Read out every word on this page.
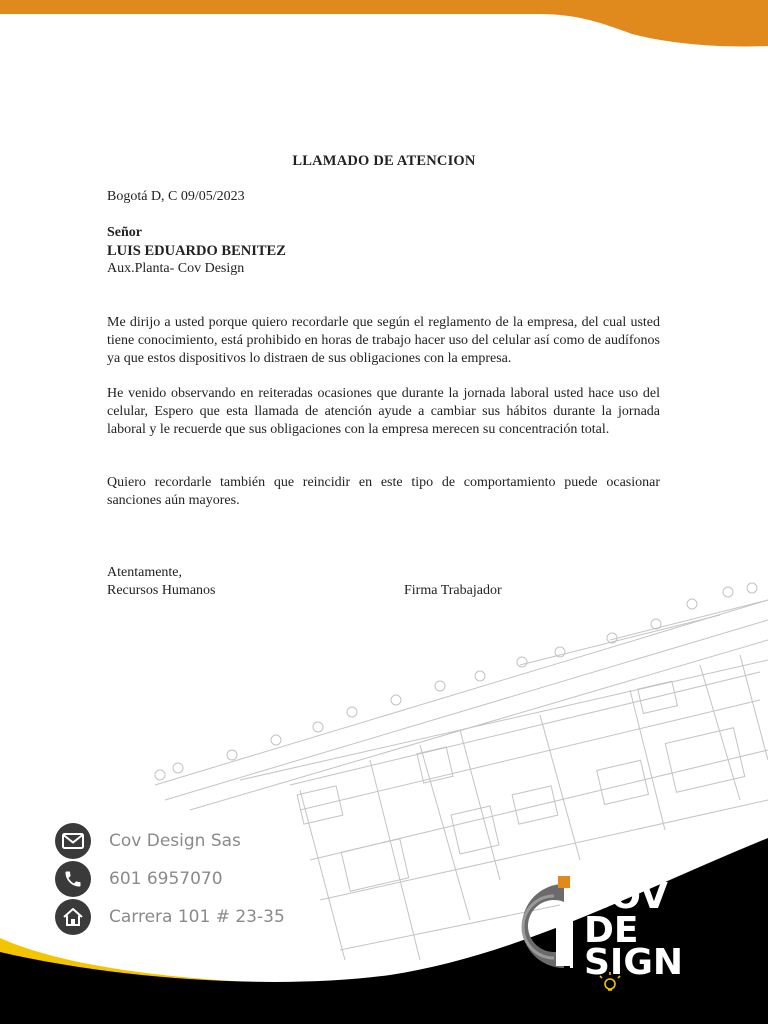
LLAMADO DE ATENCION
Bogotá D, C 09/05/2023
Señor
LUIS EDUARDO BENITEZ
Aux.Planta- Cov Design
Me dirijo a usted porque quiero recordarle que según el reglamento de la empresa, del cual usted tiene conocimiento, está prohibido en horas de trabajo hacer uso del celular así como de audífonos ya que estos dispositivos lo distraen de sus obligaciones con la empresa.
He venido observando en reiteradas ocasiones que durante la jornada laboral usted hace uso del celular, Espero que esta llamada de atención ayude a cambiar sus hábitos durante la jornada laboral y le recuerde que sus obligaciones con la empresa merecen su concentración total.
Quiero recordarle también que reincidir en este tipo de comportamiento puede ocasionar sanciones aún mayores.
Atentamente,
Recursos Humanos	Firma Trabajador
Cov Design Sas
601 6957070
Carrera 101 # 23-35	COV
DE
SIGN
